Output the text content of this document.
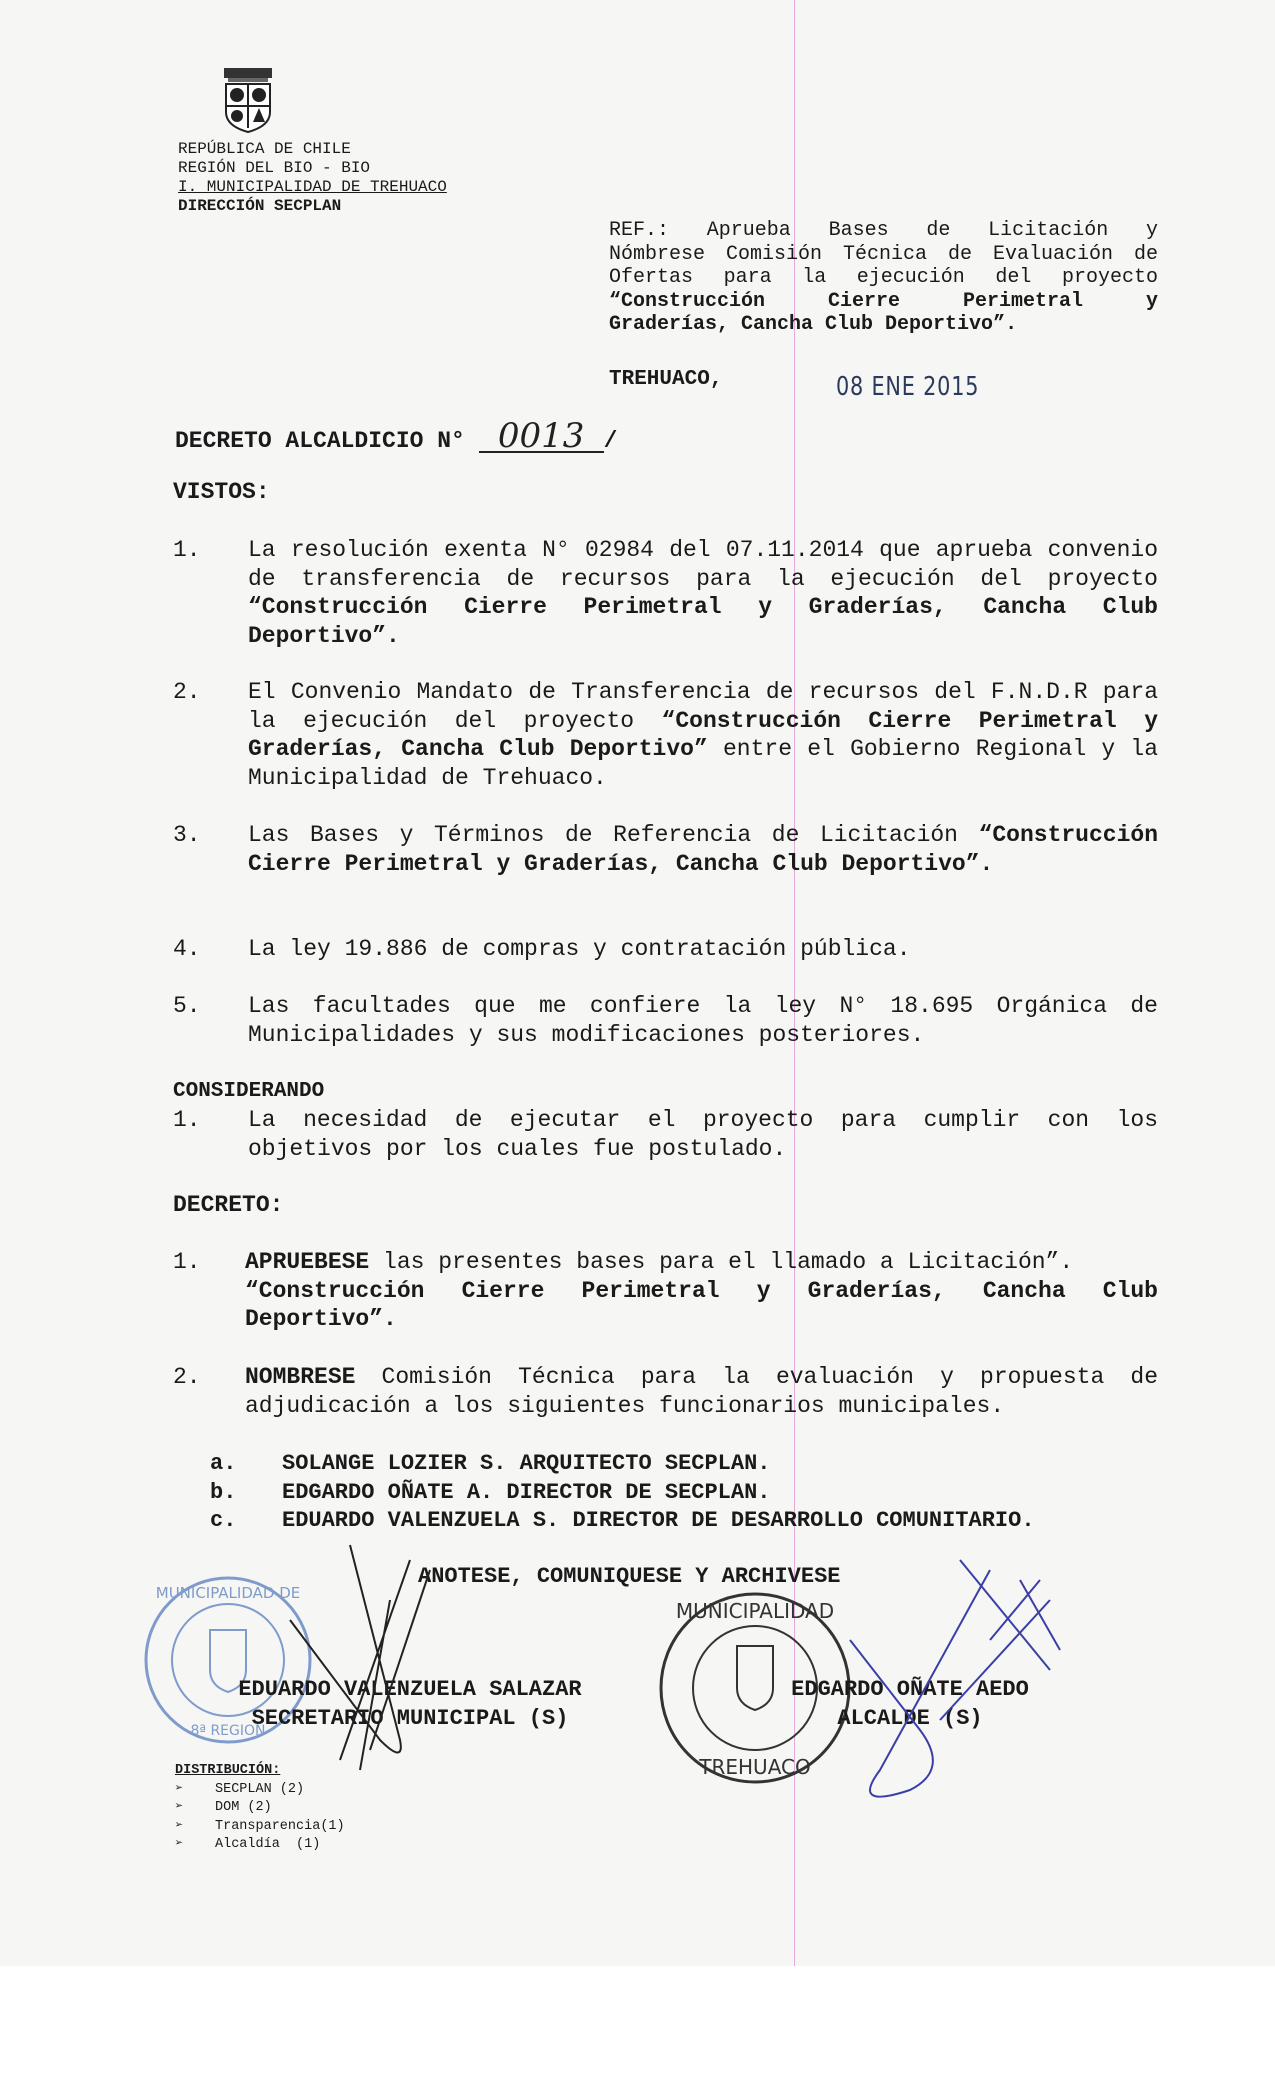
REPÚBLICA DE CHILE
REGIÓN DEL BIO - BIO
I. MUNICIPALIDAD DE TREHUACO
DIRECCIÓN SECPLAN
REF.: Aprueba Bases de Licitación y
Nómbrese Comisión Técnica de Evaluación de
Ofertas para la ejecución del proyecto
“Construcción Cierre Perimetral y
Graderías, Cancha Club Deportivo”.
TREHUACO,	08 ENE 2015
DECRETO ALCALDICIO N° 0013 /
VISTOS:
1. La resolución exenta N° 02984 del 07.11.2014 que aprueba convenio de transferencia de recursos para la ejecución del proyecto “Construcción Cierre Perimetral y Graderías, Cancha Club Deportivo”.
2. El Convenio Mandato de Transferencia de recursos del F.N.D.R para la ejecución del proyecto “Construcción Cierre Perimetral y Graderías, Cancha Club Deportivo” entre el Gobierno Regional y la Municipalidad de Trehuaco.
3. Las Bases y Términos de Referencia de Licitación “Construcción Cierre Perimetral y Graderías, Cancha Club Deportivo”.
4. La ley 19.886 de compras y contratación pública.
5. Las facultades que me confiere la ley N° 18.695 Orgánica de Municipalidades y sus modificaciones posteriores.
CONSIDERANDO
1. La necesidad de ejecutar el proyecto para cumplir con los objetivos por los cuales fue postulado.
DECRETO:
1. APRUEBESE las presentes bases para el llamado a Licitación”.
“Construcción Cierre Perimetral y Graderías, Cancha Club Deportivo”.
2. NOMBRESE Comisión Técnica para la evaluación y propuesta de adjudicación a los siguientes funcionarios municipales.
a. SOLANGE LOZIER S. ARQUITECTO SECPLAN.
b. EDGARDO OÑATE A. DIRECTOR DE SECPLAN.
c. EDUARDO VALENZUELA S. DIRECTOR DE DESARROLLO COMUNITARIO.
MUNICIPALIDAD DE
8ª REGION
MUNICIPALIDAD
TREHUACO
ANOTESE, COMUNIQUESE Y ARCHIVESE
EDUARDO VALENZUELA SALAZAR
SECRETARIO MUNICIPAL (S)
EDGARDO OÑATE AEDO
ALCALDE (S)
DISTRIBUCIÓN:
➢ SECPLAN (2)
➢ DOM (2)
➢ Transparencia(1)
➢ Alcaldía  (1)
